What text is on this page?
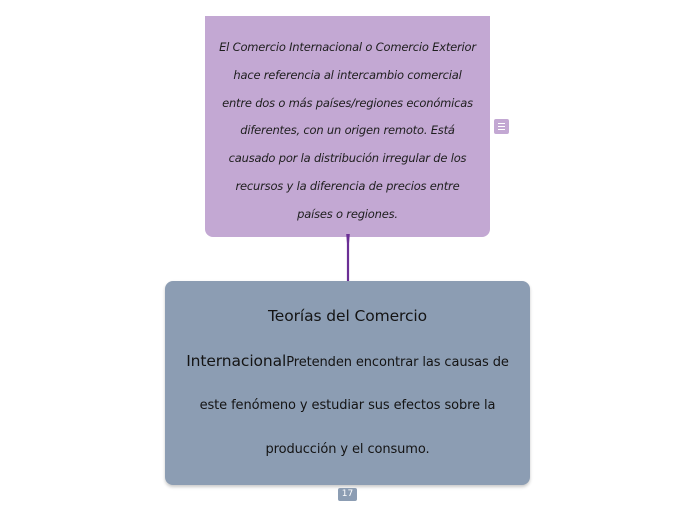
El Comercio Internacional o Comercio Exterior hace referencia al intercambio comercial entre dos o más países/regiones económicas diferentes, con un origen remoto. Está causado por la distribución irregular de los recursos y la diferencia de precios entre países o regiones.
Teorías del Comercio InternacionalPretenden encontrar las causas de este fenómeno y estudiar sus efectos sobre la producción y el consumo.
17
